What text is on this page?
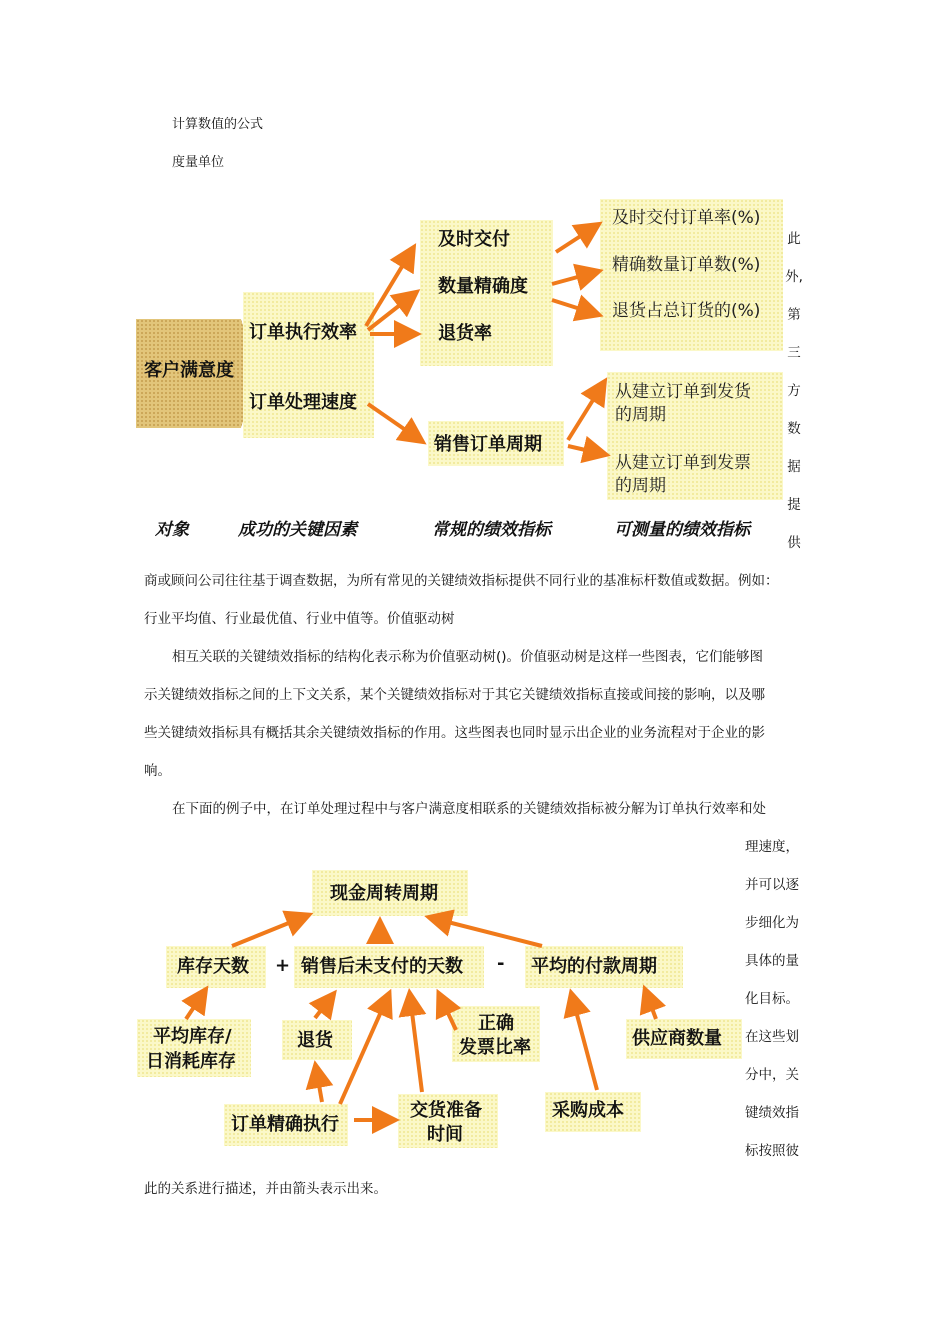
计算数值的公式
度量单位
客户满意度
订单执行效率
订单处理速度
及时交付
数量精确度
退货率
销售订单周期
及时交付订单率(%)
精确数量订单数(%)
退货占总订货的(%)
从建立订单到发货
的周期
从建立订单到发票
的周期
对象	成功的关键因素	常规的绩效指标	可测量的绩效指标
此
外,
第
三
方
数
据
提
供
商或顾问公司往往基于调查数据，为所有常见的关键绩效指标提供不同行业的基准标杆数值或数据。例如：
行业平均值、行业最优值、行业中值等。价值驱动树
相互关联的关键绩效指标的结构化表示称为价值驱动树()。价值驱动树是这样一些图表，它们能够图
示关键绩效指标之间的上下文关系，某个关键绩效指标对于其它关键绩效指标直接或间接的影响，以及哪
些关键绩效指标具有概括其余关键绩效指标的作用。这些图表也同时显示出企业的业务流程对于企业的影
响。
在下面的例子中，在订单处理过程中与客户满意度相联系的关键绩效指标被分解为订单执行效率和处
理速度，
并可以逐
步细化为
具体的量
化目标。
在这些划
分中，关
键绩效指
标按照彼
此的关系进行描述，并由箭头表示出来。
现金周转周期
库存天数 + 销售后未支付的天数 - 平均的付款周期
平均库存/
日消耗库存
退货
正确
发票比率	供应商数量
订单精确执行
交货准备
时间
采购成本
